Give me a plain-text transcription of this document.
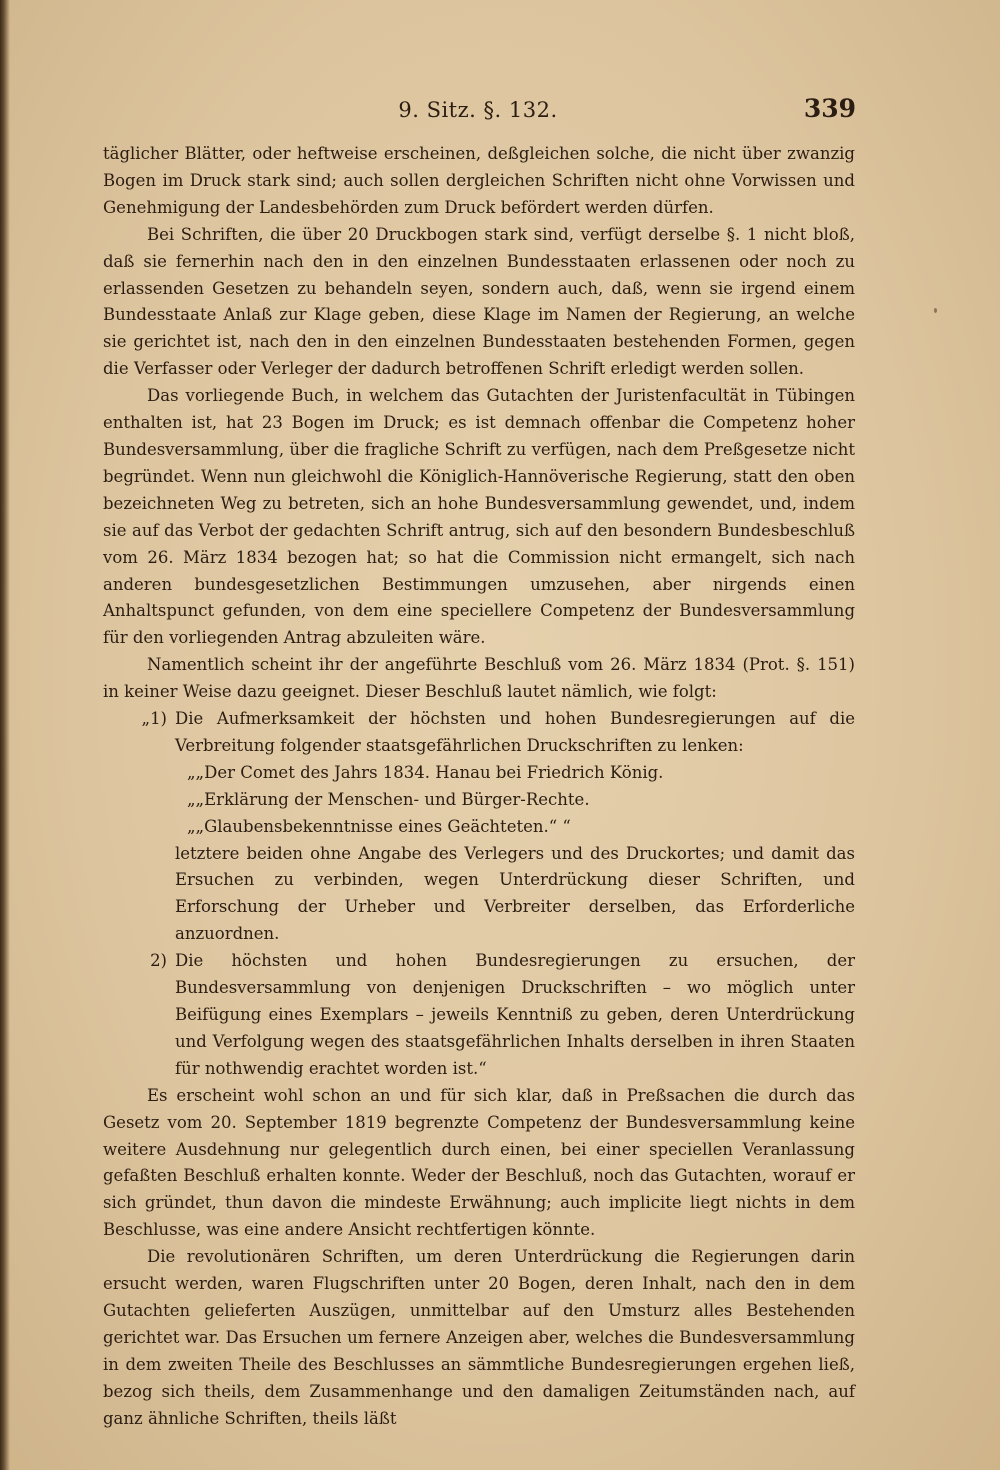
9. Sitz. §. 132.	339

täglicher Blätter, oder heftweise erscheinen, deßgleichen solche, die nicht über zwanzig Bogen im Druck stark sind; auch sollen dergleichen Schriften nicht ohne Vorwissen und Genehmigung der Landesbehörden zum Druck befördert werden dürfen.

Bei Schriften, die über 20 Druckbogen stark sind, verfügt derselbe §. 1 nicht bloß, daß sie fernerhin nach den in den einzelnen Bundesstaaten erlassenen oder noch zu erlassenden Gesetzen zu behandeln seyen, sondern auch, daß, wenn sie irgend einem Bundesstaate Anlaß zur Klage geben, diese Klage im Namen der Regierung, an welche sie gerichtet ist, nach den in den einzelnen Bundesstaaten bestehenden Formen, gegen die Verfasser oder Verleger der dadurch betroffenen Schrift erledigt werden sollen.

Das vorliegende Buch, in welchem das Gutachten der Juristenfacultät in Tübingen enthalten ist, hat 23 Bogen im Druck; es ist demnach offenbar die Competenz hoher Bundesversammlung, über die fragliche Schrift zu verfügen, nach dem Preßgesetze nicht begründet. Wenn nun gleichwohl die Königlich-Hannöverische Regierung, statt den oben bezeichneten Weg zu betreten, sich an hohe Bundesversammlung gewendet, und, indem sie auf das Verbot der gedachten Schrift antrug, sich auf den besondern Bundesbeschluß vom 26. März 1834 bezogen hat; so hat die Commission nicht ermangelt, sich nach anderen bundesgesetzlichen Bestimmungen umzusehen, aber nirgends einen Anhaltspunct gefunden, von dem eine speciellere Competenz der Bundesversammlung für den vorliegenden Antrag abzuleiten wäre.

Namentlich scheint ihr der angeführte Beschluß vom 26. März 1834 (Prot. §. 151) in keiner Weise dazu geeignet. Dieser Beschluß lautet nämlich, wie folgt:

„1) Die Aufmerksamkeit der höchsten und hohen Bundesregierungen auf die Verbreitung folgender staatsgefährlichen Druckschriften zu lenken:
„„Der Comet des Jahrs 1834. Hanau bei Friedrich König.
„„Erklärung der Menschen- und Bürger-Rechte.
„„Glaubensbekenntnisse eines Geächteten.“ “
letztere beiden ohne Angabe des Verlegers und des Druckortes; und damit das Ersuchen zu verbinden, wegen Unterdrückung dieser Schriften, und Erforschung der Urheber und Verbreiter derselben, das Erforderliche anzuordnen.
2) Die höchsten und hohen Bundesregierungen zu ersuchen, der Bundesversammlung von denjenigen Druckschriften – wo möglich unter Beifügung eines Exemplars – jeweils Kenntniß zu geben, deren Unterdrückung und Verfolgung wegen des staatsgefährlichen Inhalts derselben in ihren Staaten für nothwendig erachtet worden ist.“

Es erscheint wohl schon an und für sich klar, daß in Preßsachen die durch das Gesetz vom 20. September 1819 begrenzte Competenz der Bundesversammlung keine weitere Ausdehnung nur gelegentlich durch einen, bei einer speciellen Veranlassung gefaßten Beschluß erhalten konnte. Weder der Beschluß, noch das Gutachten, worauf er sich gründet, thun davon die mindeste Erwähnung; auch implicite liegt nichts in dem Beschlusse, was eine andere Ansicht rechtfertigen könnte.

Die revolutionären Schriften, um deren Unterdrückung die Regierungen darin ersucht werden, waren Flugschriften unter 20 Bogen, deren Inhalt, nach den in dem Gutachten gelieferten Auszügen, unmittelbar auf den Umsturz alles Bestehenden gerichtet war. Das Ersuchen um fernere Anzeigen aber, welches die Bundesversammlung in dem zweiten Theile des Beschlusses an sämmtliche Bundesregierungen ergehen ließ, bezog sich theils, dem Zusammenhange und den damaligen Zeitumständen nach, auf ganz ähnliche Schriften, theils läßt
